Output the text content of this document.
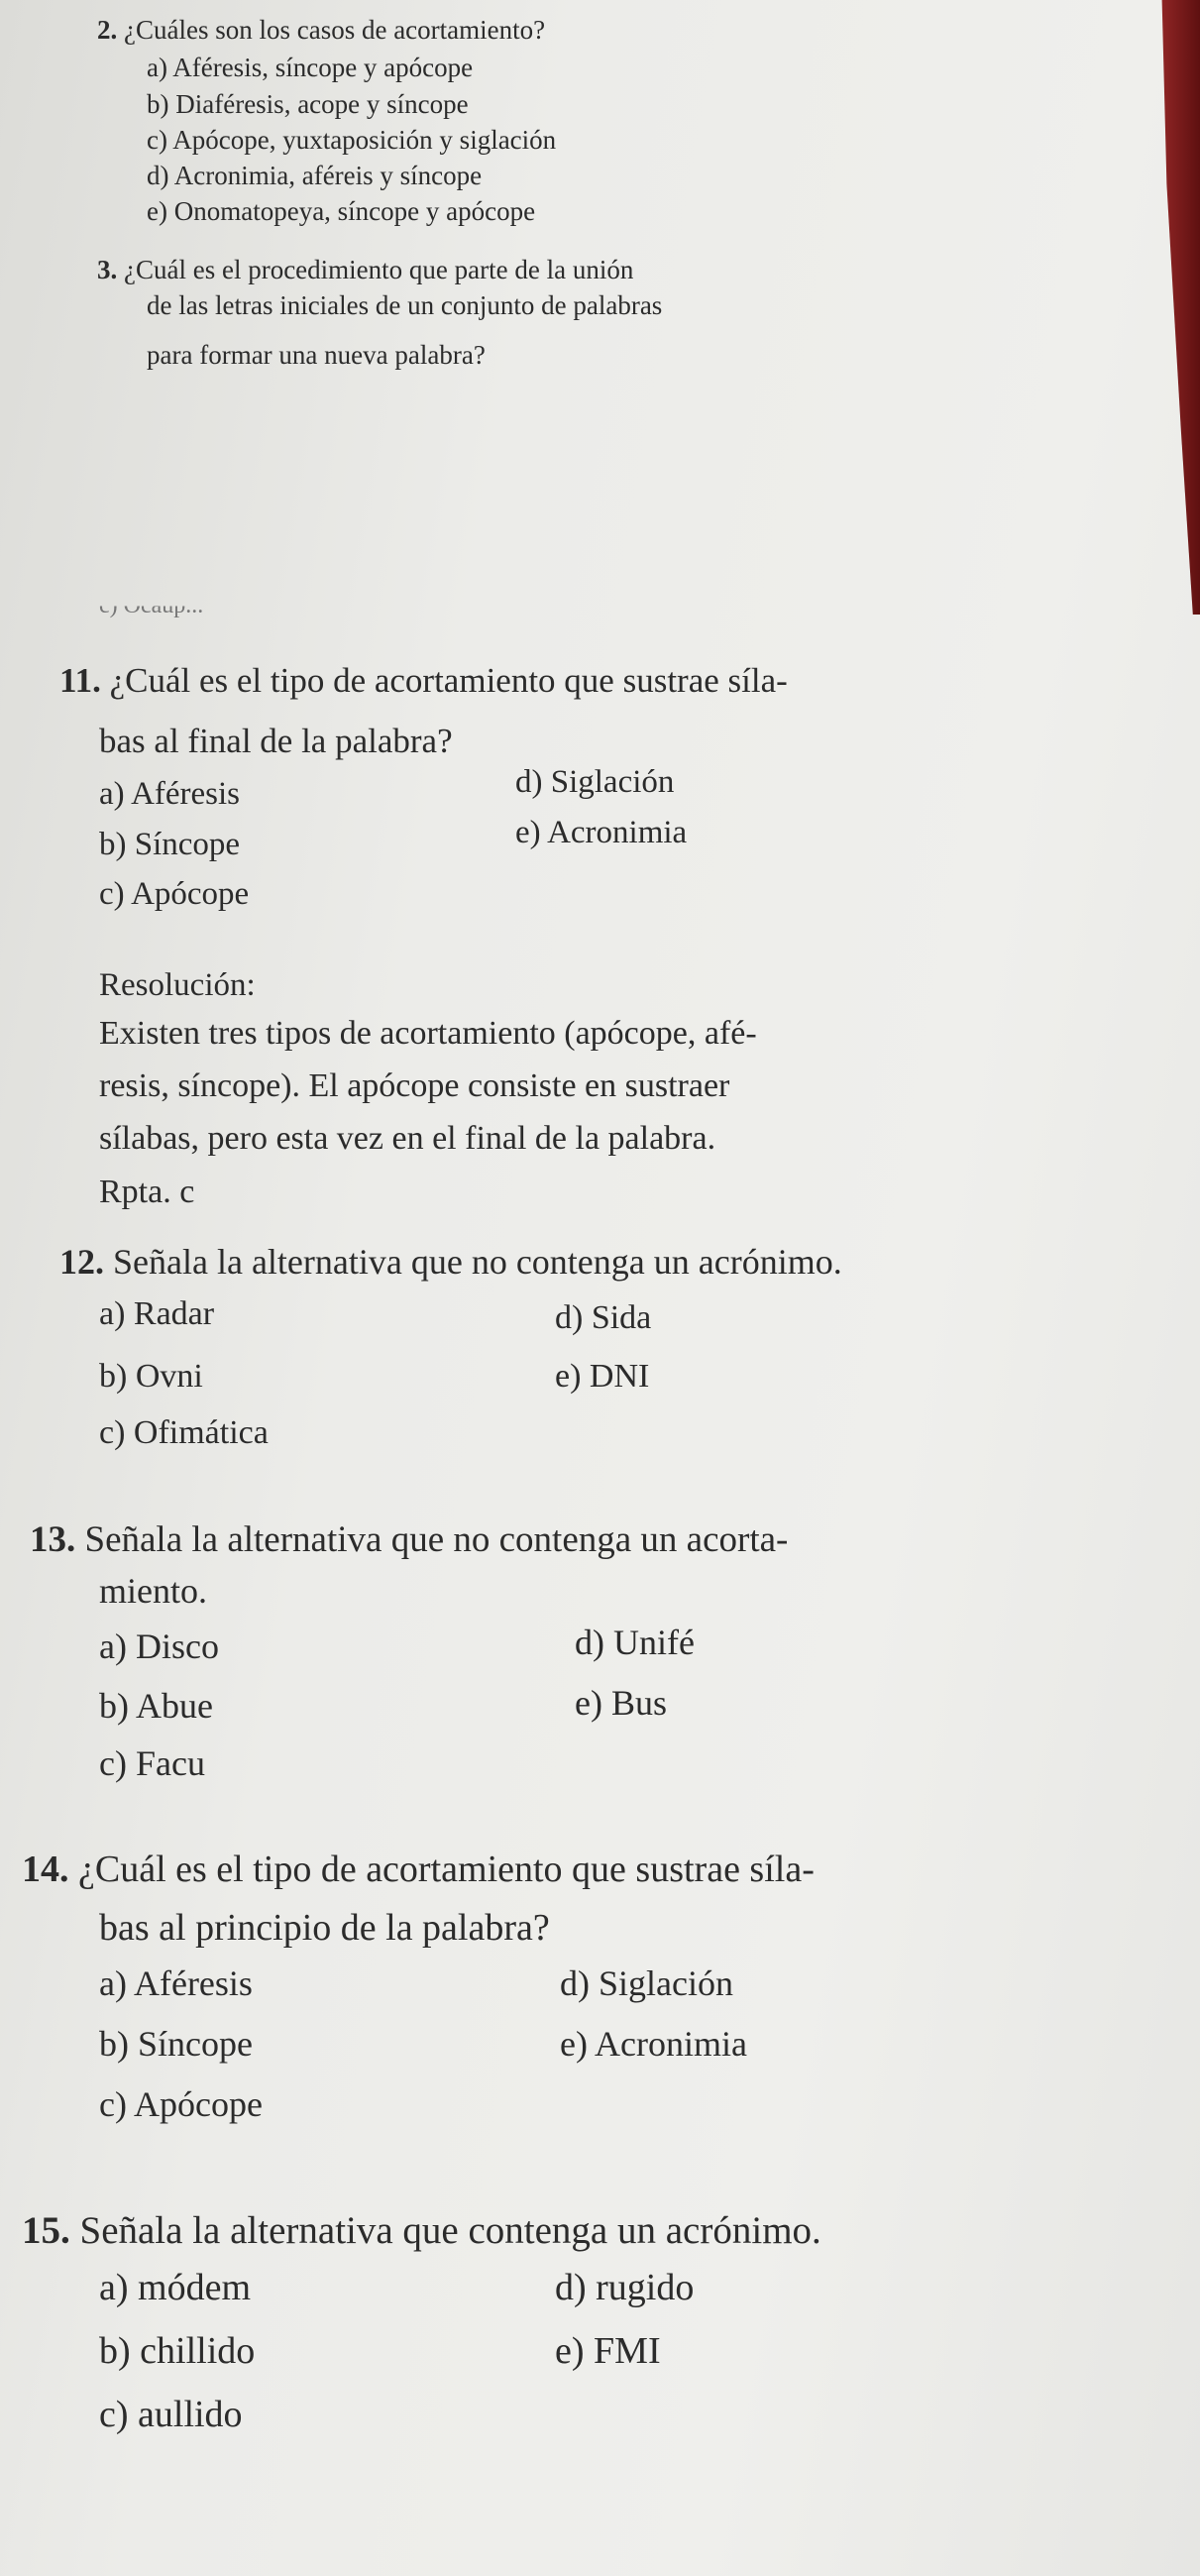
2. ¿Cuáles son los casos de acortamiento?
a) Aféresis, síncope y apócope
b) Diaféresis, acope y síncope
c) Apócope, yuxtaposición y siglación
d) Acronimia, aféreis y síncope
e) Onomatopeya, síncope y apócope
3. ¿Cuál es el procedimiento que parte de la unión
de las letras iniciales de un conjunto de palabras
para formar una nueva palabra?
11. ¿Cuál es el tipo de acortamiento que sustrae síla-
bas al final de la palabra?
a) Aféresis
b) Síncope
c) Apócope
d) Siglación
e) Acronimia
Resolución:
Existen tres tipos de acortamiento (apócope, afé-
resis, síncope). El apócope consiste en sustraer
sílabas, pero esta vez en el final de la palabra.
Rpta. c
12. Señala la alternativa que no contenga un acrónimo.
a) Radar
b) Ovni
c) Ofimática
d) Sida
e) DNI
13. Señala la alternativa que no contenga un acorta-
miento.
a) Disco
b) Abue
c) Facu
d) Unifé
e) Bus
14. ¿Cuál es el tipo de acortamiento que sustrae síla-
bas al principio de la palabra?
a) Aféresis
b) Síncope
c) Apócope
d) Siglación
e) Acronimia
15. Señala la alternativa que contenga un acrónimo.
a) módem
b) chillido
c) aullido
d) rugido
e) FMI
